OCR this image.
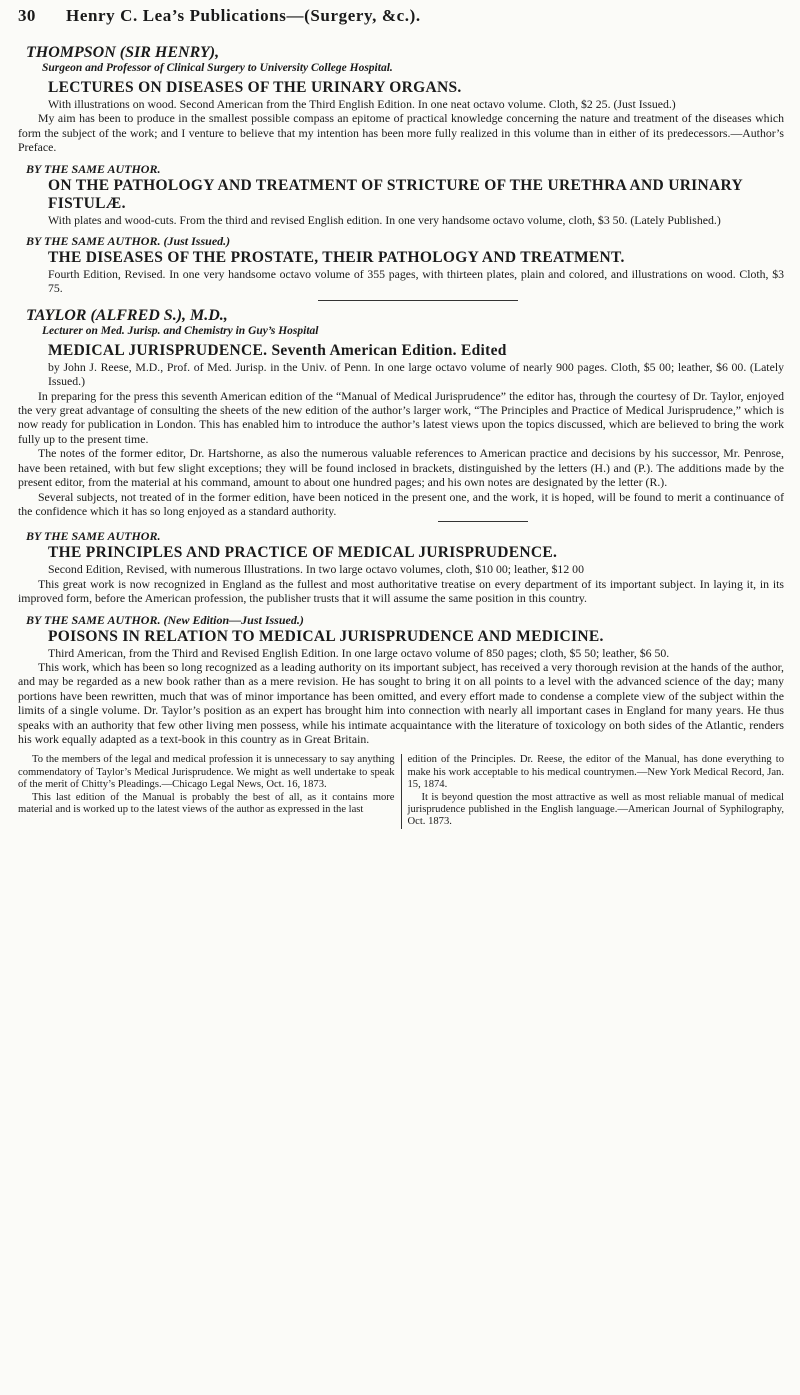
30	Henry C. Lea’s Publications—(Surgery, &c.).
THOMPSON (SIR HENRY),
Surgeon and Professor of Clinical Surgery to University College Hospital.
LECTURES ON DISEASES OF THE URINARY ORGANS.
With illustrations on wood. Second American from the Third English Edition. In one neat octavo volume. Cloth, $2 25. (Just Issued.)

My aim has been to produce in the smallest possible compass an epitome of practical knowledge concerning the nature and treatment of the diseases which form the subject of the work; and I venture to believe that my intention has been more fully realized in this volume than in either of its predecessors.—Author’s Preface.

BY THE SAME AUTHOR.
ON THE PATHOLOGY AND TREATMENT OF STRICTURE OF THE URETHRA AND URINARY FISTULÆ.
With plates and wood-cuts. From the third and revised English edition. In one very handsome octavo volume, cloth, $3 50. (Lately Published.)
BY THE SAME AUTHOR. (Just Issued.)
THE DISEASES OF THE PROSTATE, THEIR PATHOLOGY AND TREATMENT.
Fourth Edition, Revised. In one very handsome octavo volume of 355 pages, with thirteen plates, plain and colored, and illustrations on wood. Cloth, $3 75.
TAYLOR (ALFRED S.), M.D.,
Lecturer on Med. Jurisp. and Chemistry in Guy’s Hospital
MEDICAL JURISPRUDENCE. Seventh American Edition. Edited
by John J. Reese, M.D., Prof. of Med. Jurisp. in the Univ. of Penn. In one large octavo volume of nearly 900 pages. Cloth, $5 00; leather, $6 00. (Lately Issued.)

In preparing for the press this seventh American edition of the “Manual of Medical Jurisprudence” the editor has, through the courtesy of Dr. Taylor, enjoyed the very great advantage of consulting the sheets of the new edition of the author’s larger work, “The Principles and Practice of Medical Jurisprudence,” which is now ready for publication in London. This has enabled him to introduce the author’s latest views upon the topics discussed, which are believed to bring the work fully up to the present time.

The notes of the former editor, Dr. Hartshorne, as also the numerous valuable references to American practice and decisions by his successor, Mr. Penrose, have been retained, with but few slight exceptions; they will be found inclosed in brackets, distinguished by the letters (H.) and (P.). The additions made by the present editor, from the material at his command, amount to about one hundred pages; and his own notes are designated by the letter (R.).

Several subjects, not treated of in the former edition, have been noticed in the present one, and the work, it is hoped, will be found to merit a continuance of the confidence which it has so long enjoyed as a standard authority.

BY THE SAME AUTHOR.
THE PRINCIPLES AND PRACTICE OF MEDICAL JURISPRUDENCE.
Second Edition, Revised, with numerous Illustrations. In two large octavo volumes, cloth, $10 00; leather, $12 00

This great work is now recognized in England as the fullest and most authoritative treatise on every department of its important subject. In laying it, in its improved form, before the American profession, the publisher trusts that it will assume the same position in this country.

BY THE SAME AUTHOR. (New Edition—Just Issued.)
POISONS IN RELATION TO MEDICAL JURISPRUDENCE AND MEDICINE.
Third American, from the Third and Revised English Edition. In one large octavo volume of 850 pages; cloth, $5 50; leather, $6 50.

This work, which has been so long recognized as a leading authority on its important subject, has received a very thorough revision at the hands of the author, and may be regarded as a new book rather than as a mere revision. He has sought to bring it on all points to a level with the advanced science of the day; many portions have been rewritten, much that was of minor importance has been omitted, and every effort made to condense a complete view of the subject within the limits of a single volume. Dr. Taylor’s position as an expert has brought him into connection with nearly all important cases in England for many years. He thus speaks with an authority that few other living men possess, while his intimate acquaintance with the literature of toxicology on both sides of the Atlantic, renders his work equally adapted as a text-book in this country as in Great Britain.

To the members of the legal and medical profession it is unnecessary to say anything commendatory of Taylor’s Medical Jurisprudence. We might as well undertake to speak of the merit of Chitty’s Pleadings.—Chicago Legal News, Oct. 16, 1873.

This last edition of the Manual is probably the best of all, as it contains more material and is worked up to the latest views of the author as expressed in the last

edition of the Principles. Dr. Reese, the editor of the Manual, has done everything to make his work acceptable to his medical countrymen.—New York Medical Record, Jan. 15, 1874.

It is beyond question the most attractive as well as most reliable manual of medical jurisprudence published in the English language.—American Journal of Syphilography, Oct. 1873.
